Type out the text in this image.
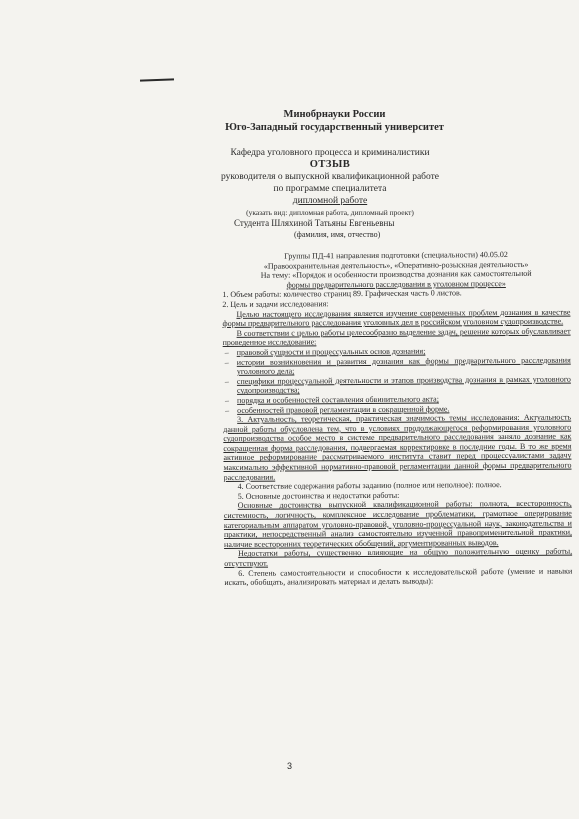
Минобрнауки России
Юго-Западный государственный университет
Кафедра уголовного процесса и криминалистики
ОТЗЫВ
руководителя о выпускной квалификационной работе
по программе специалитета
дипломной работе
(указать вид: дипломная работа, дипломный проект)
Студента Шляхиной Татьяны Евгеньевны
(фамилия, имя, отчество)

Группы ПД-41 направления подготовки (специальности) 40.05.02

«Правоохранительная деятельность», «Оперативно-розыскная деятельность»

На тему: «Порядок и особенности производства дознания как самостоятельной

формы предварительного расследования в уголовном процессе»

1. Объем работы: количество страниц 89. Графическая часть 0 листов.

2. Цель и задачи исследования:

Целью настоящего исследования является изучение современных проблем дознания в качестве формы предварительного расследования уголовных дел в российском уголовном судопроизводстве.

В соответствии с целью работы целесообразно выделение задач, решение которых обуславливает проведенное исследование:

– правовой сущности и процессуальных основ дознания;
– истории возникновения и развития дознания как формы предварительного расследования уголовного дела;
– специфики процессуальной деятельности и этапов производства дознания в рамках уголовного судопроизводства;
– порядка и особенностей составления обвинительного акта;
– особенностей правовой регламентации в сокращенной форме.

3. Актуальность, теоретическая, практическая значимость темы исследования: Актуальность данной работы обусловлена тем, что в условиях продолжающегося реформирования уголовного судопроизводства особое место в системе предварительного расследования заняло дознание как сокращенная форма расследования, подвергаемая корректировке в последние годы. В то же время активное реформирование рассматриваемого института ставит перед процессуалистами задачу максимально эффективной нормативно-правовой регламентации данной формы предварительного расследования.

4. Соответствие содержания работы заданию (полное или неполное): полное.

5. Основные достоинства и недостатки работы:

Основные достоинства выпускной квалификационной работы: полнота, всесторонность, системность, логичность, комплексное исследование проблематики, грамотное оперирование категориальным аппаратом уголовно-правовой, уголовно-процессуальной наук, законодательства и практики, непосредственный анализ самостоятельно изученной правоприменительной практики, наличие всесторонних теоретических обобщений, аргументированных выводов.

Недостатки работы, существенно влияющие на общую положительную оценку работы, отсутствуют.

6. Степень самостоятельности и способности к исследовательской работе (умение и навыки искать, обобщать, анализировать материал и делать выводы):

3
